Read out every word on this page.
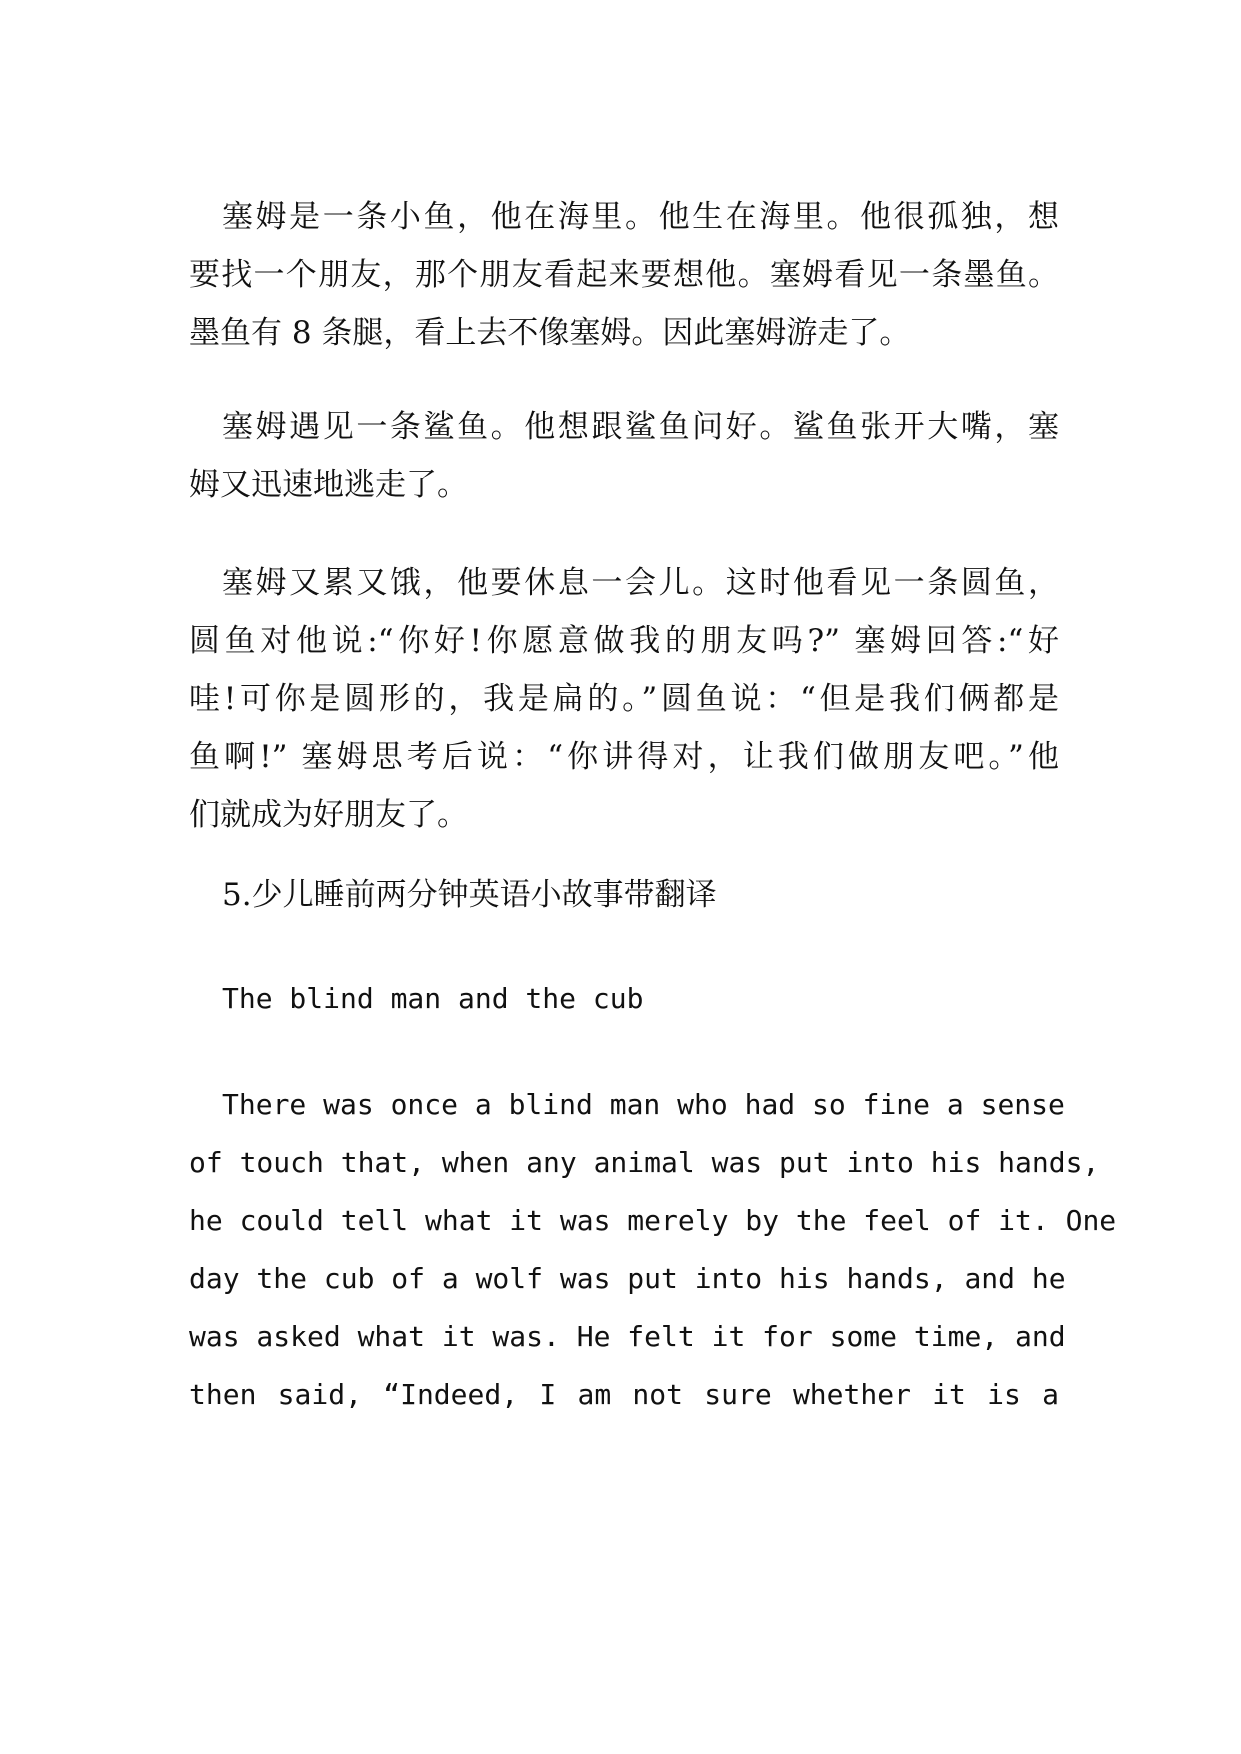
塞姆是一条小鱼，他在海里。他生在海里。他很孤独，想
要找一个朋友，那个朋友看起来要想他。塞姆看见一条墨鱼。
墨鱼有 8 条腿，看上去不像塞姆。因此塞姆游走了。
塞姆遇见一条鲨鱼。他想跟鲨鱼问好。鲨鱼张开大嘴，塞
姆又迅速地逃走了。
塞姆又累又饿，他要休息一会儿。这时他看见一条圆鱼，
圆鱼对他说:“你好!你愿意做我的朋友吗?” 塞姆回答:“好
哇!可你是圆形的，我是扁的。”圆鱼说：“但是我们俩都是
鱼啊!” 塞姆思考后说：“你讲得对，让我们做朋友吧。”他
们就成为好朋友了。
5.少儿睡前两分钟英语小故事带翻译
The blind man and the cub
There was once a blind man who had so fine a sense
of touch that, when any animal was put into his hands,
he could tell what it was merely by the feel of it. One
day the cub of a wolf was put into his hands, and he
was asked what it was. He felt it for some time, and
then said, “Indeed, I am not sure whether it is a
